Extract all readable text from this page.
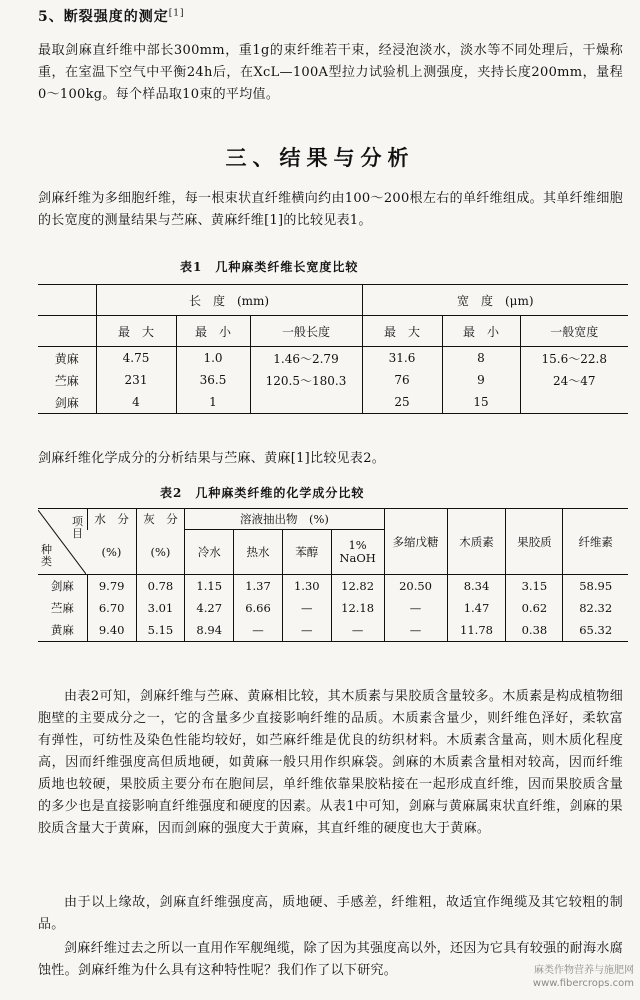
5、断裂强度的测定[1]
最取剑麻直纤维中部长300mm，重1g的束纤维若干束，经浸泡淡水，淡水等不同处理后，干燥称重，在室温下空气中平衡24h后，在XcL—100A型拉力试验机上测强度，夹持长度200mm，量程0～100kg。每个样品取10束的平均值。
三、结果与分析
剑麻纤维为多细胞纤维，每一根束状直纤维横向约由100～200根左右的单纤维组成。其单纤维细胞的长宽度的测量结果与苎麻、黄麻纤维[1]的比较见表1。
表1　几种麻类纤维长宽度比较
	长　度　(mm)			宽　度　(μm)		
	最　大	最　小	一般长度	最　大	最　小	一般宽度
黄麻	4.75	1.0	1.46～2.79	31.6	8	15.6～22.8
苎麻	231	36.5	120.5～180.3	76	9	24～47
剑麻	4	1		25	15	
剑麻纤维化学成分的分析结果与苎麻、黄麻[1]比较见表2。
表2　几种麻类纤维的化学成分比较
项
目
种
类	水　分	灰　分	溶液抽出物　(%)				多缩戊糖	木质素	果胶质	纤维素
	(%)	(%)	冷水	热水	苯醇	1%
NaOH				
剑麻	9.79	0.78	1.15	1.37	1.30	12.82	20.50	8.34	3.15	58.95
苎麻	6.70	3.01	4.27	6.66	—	12.18	—	1.47	0.62	82.32
黄麻	9.40	5.15	8.94	—	—	—	—	11.78	0.38	65.32
由表2可知，剑麻纤维与苎麻、黄麻相比较，其木质素与果胶质含量较多。木质素是构成植物细胞壁的主要成分之一，它的含量多少直接影响纤维的品质。木质素含量少，则纤维色泽好，柔软富有弹性，可纺性及染色性能均较好，如苎麻纤维是优良的纺织材料。木质素含量高，则木质化程度高，因而纤维强度高但质地硬，如黄麻一般只用作织麻袋。剑麻的木质素含量相对较高，因而纤维质地也较硬，果胶质主要分布在胞间层，单纤维依靠果胶粘接在一起形成直纤维，因而果胶质含量的多少也是直接影响直纤维强度和硬度的因素。从表1中可知，剑麻与黄麻属束状直纤维，剑麻的果胶质含量大于黄麻，因而剑麻的强度大于黄麻，其直纤维的硬度也大于黄麻。
由于以上缘故，剑麻直纤维强度高，质地硬、手感差，纤维粗，故适宜作绳缆及其它较粗的制品。
剑麻纤维过去之所以一直用作军舰绳缆，除了因为其强度高以外，还因为它具有较强的耐海水腐蚀性。剑麻纤维为什么具有这种特性呢？我们作了以下研究。	麻类作物营养与施肥网
www.fibercrops.com
